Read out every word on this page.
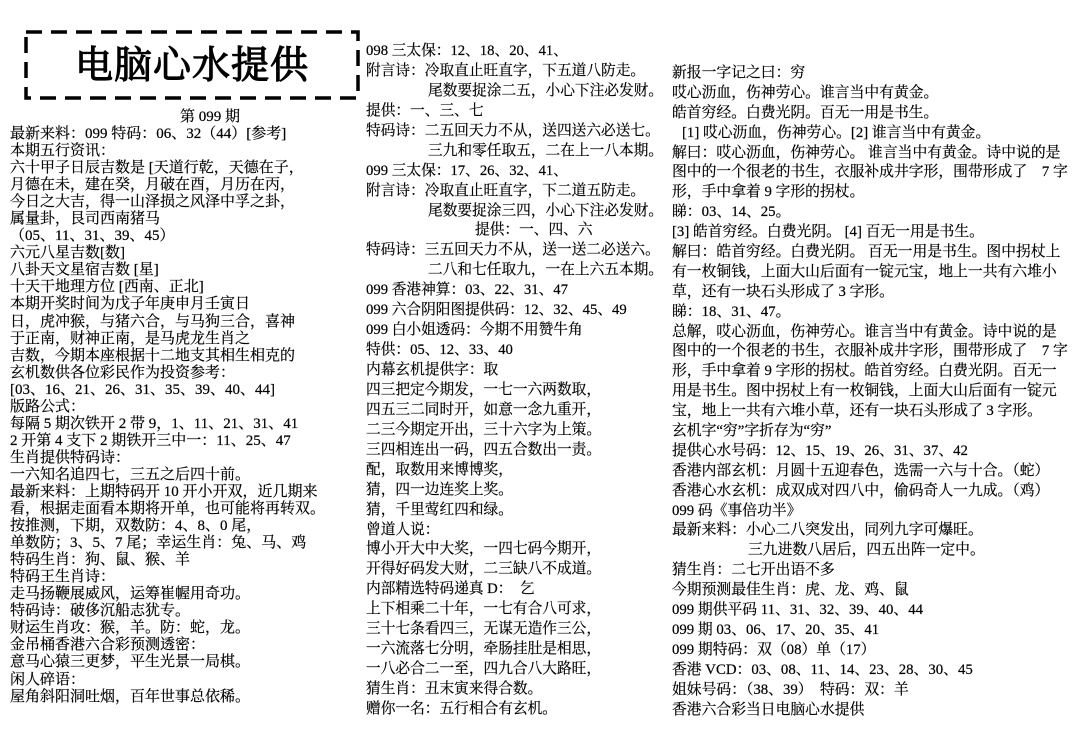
电脑心水提供
第 099 期
最新来料：099 特码：06、32（44）[参考]
本期五行资讯：
六十甲子日辰吉数是 [天道行乾，天德在子，
月德在未，建在癸，月破在酉，月历在丙，
今日之大吉，得一山泽损之风泽中孚之卦，
属量卦，艮司西南猪马
（05、11、31、39、45）
六元八星吉数[数]
八卦天文星宿吉数 [星]
十天干地理方位 [西南、正北]
本期开奖时间为戊子年庚申月壬寅日
日，虎冲猴，与猪六合，与马狗三合，喜神
于正南，财神正南，是马虎龙生肖之
吉数，今期本座根据十二地支其相生相克的
玄机数供各位彩民作为投资参考：
[03、16、21、26、31、35、39、40、44]
版路公式：
每隔 5 期次铁开 2 带 9，1、11、21、31、41
2 开第 4 支下 2 期铁开三中一：11、25、47
生肖提供特码诗：
一六知名追四七，三五之后四十前。
最新来料：上期特码开 10 开小开双，近几期来
看，根据走面看本期将开单，也可能将再转双。
按推测，下期，双数防：4、8、0 尾，
单数防；3、5、7 尾；幸运生肖：兔、马、鸡
特码生肖：狗、鼠、猴、羊
特码王生肖诗：
走马扬鞭展威风，运筹崔幄用奇功。
特码诗：破侈沉船志犹专。
财运生肖攻：猴，羊。防：蛇，龙。
金吊桶香港六合彩预测透密：
意马心猿三更梦，平生光景一局棋。
闲人碎语：
屋角斜阳洞吐烟，百年世事总依稀。
098 三太保：12、18、20、41、
附言诗：冷取直止旺直字，下五道八防走。
尾数要捉涂二五，小心下注必发财。
提供：一、三、七
特码诗：二五回天力不从，送四送六必送七。
三九和零任取五，二在上一八本期。
099 三太保：17、26、32、41、
附言诗：冷取直止旺直字，下二道五防走。
尾数要捉涂三四，小心下注必发财。
提供：一、四、六
特码诗：三五回天力不从，送一送二必送六。
二八和七任取九，一在上六五本期。
099 香港神算：03、22、31、47
099 六合阴阳图提供码：12、32、45、49
099 白小姐透码：今期不用赞牛角
特供：05、12、33、40
内幕玄机提供字：取
四三把定今期发，一七一六两数取，
四五三二同时开，如意一念九重开，
二三今期定开出，三十六字为上策。
三四相连出一码，四五合数出一责。
配，取数用来博博奖，
猜，四一边连奖上奖。
猜，千里莺红四和绿。
曾道人说：
博小开大中大奖，一四七码今期开，
开得好码发大财，二三缺八不成道。
内部精选特码递真 D：　乞
上下相乘二十年，一七有合八可求，
三十七条看四三，无谋无造作三公，
一六流落七分明，牵肠挂肚是相思，
一八必合二一至，四九合八大路旺，
猜生肖：丑末寅来得合数。
赠你一名：五行相合有玄机。
新报一字记之曰：穷
哎心沥血，伤神劳心。谁言当中有黄金。
皓首穷经。白费光阴。百无一用是书生。
[1] 哎心沥血，伤神劳心。[2] 谁言当中有黄金。
解曰：哎心沥血，伤神劳心。 谁言当中有黄金。诗中说的是
图中的一个很老的书生，衣服补成井字形，围带形成了　7 字
形，手中拿着 9 字形的拐杖。
睇：03、14、25。
[3] 皓首穷经。白费光阴。 [4] 百无一用是书生。
解曰：皓首穷经。白费光阴。 百无一用是书生。图中拐杖上
有一枚铜钱，上面大山后面有一锭元宝，地上一共有六堆小
草，还有一块石头形成了 3 字形。
睇：18、31、47。
总解，哎心沥血，伤神劳心。谁言当中有黄金。诗中说的是
图中的一个很老的书生，衣服补成井字形，围带形成了　7 字
形，手中拿着 9 字形的拐杖。皓首穷经。白费光阴。百无一
用是书生。图中拐杖上有一枚铜钱，上面大山后面有一锭元
宝，地上一共有六堆小草，还有一块石头形成了 3 字形。
玄机字“穷”字折存为“穷”
提供心水号码：12、15、19、26、31、37、42
香港内部玄机：月圆十五迎春色，选需一六与十合。（蛇）
香港心水玄机：成双成对四八中，偷码奇人一九成。（鸡）
099 码《事倍功半》
最新来料：小心二八突发出，同列九字可爆旺。
三九进数八居后，四五出阵一定中。
猜生肖：二七开出语不多
今期预测最佳生肖：虎、龙、鸡、鼠
099 期供平码 11、31、32、39、40、44
099 期 03、06、17、20、35、41
099 期特码：双（08）单（17）
香港 VCD：03、08、11、14、23、28、30、45
姐妹号码：（38、39）　特码：双：羊
香港六合彩当日电脑心水提供
